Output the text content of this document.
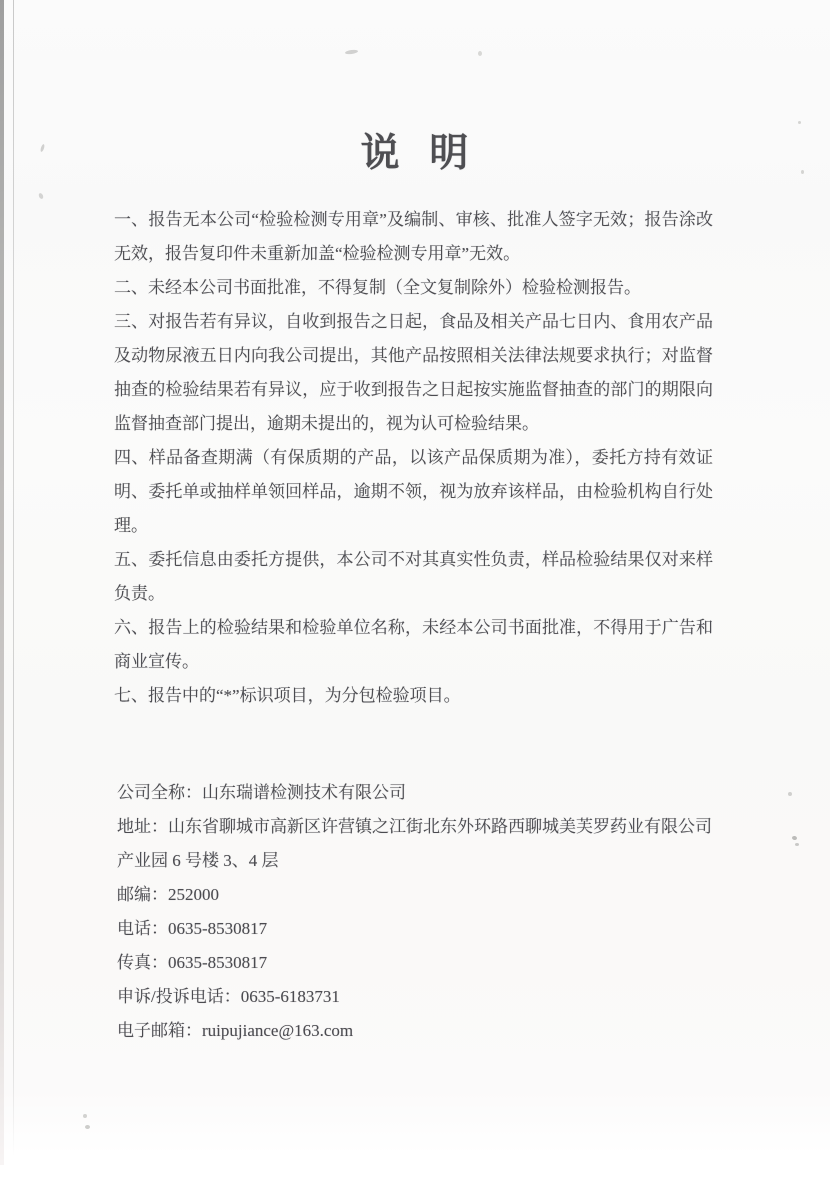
说 明

一、报告无本公司“检验检测专用章”及编制、审核、批准人签字无效；报告涂改无效，报告复印件未重新加盖“检验检测专用章”无效。

二、未经本公司书面批准，不得复制（全文复制除外）检验检测报告。

三、对报告若有异议，自收到报告之日起，食品及相关产品七日内、食用农产品及动物尿液五日内向我公司提出，其他产品按照相关法律法规要求执行；对监督抽查的检验结果若有异议，应于收到报告之日起按实施监督抽查的部门的期限向监督抽查部门提出，逾期未提出的，视为认可检验结果。

四、样品备查期满（有保质期的产品，以该产品保质期为准），委托方持有效证明、委托单或抽样单领回样品，逾期不领，视为放弃该样品，由检验机构自行处理。

五、委托信息由委托方提供，本公司不对其真实性负责，样品检验结果仅对来样负责。

六、报告上的检验结果和检验单位名称，未经本公司书面批准，不得用于广告和商业宣传。

七、报告中的“*”标识项目，为分包检验项目。

公司全称：山东瑞谱检测技术有限公司
地址：山东省聊城市高新区许营镇之江街北东外环路西聊城美芙罗药业有限公司
产业园 6 号楼 3、4 层
邮编：252000
电话：0635-8530817
传真：0635-8530817
申诉/投诉电话：0635-6183731
电子邮箱：ruipujiance@163.com
